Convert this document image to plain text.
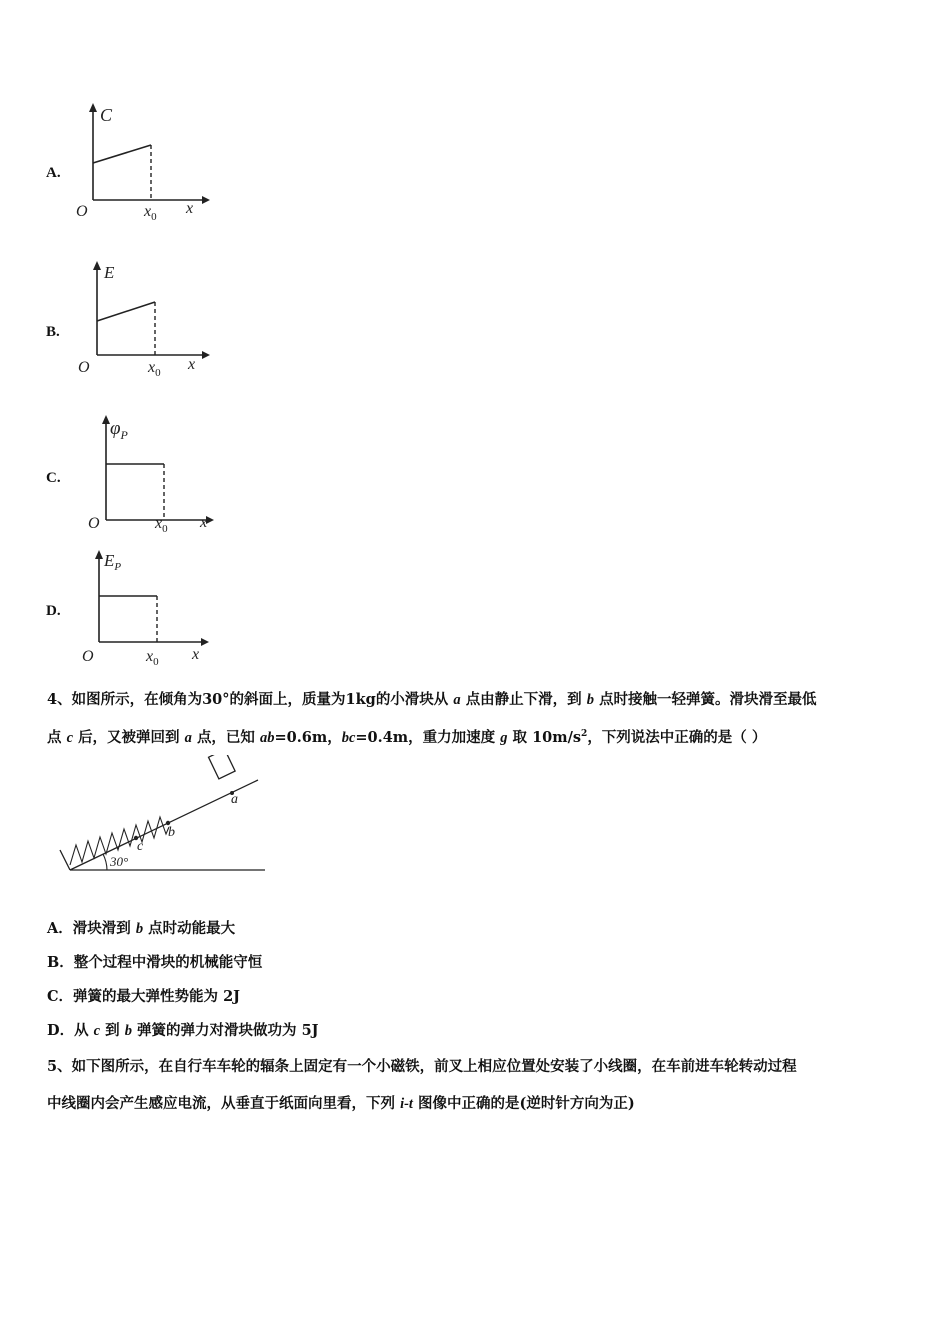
A.
C
O	$x_0$ x
B.
E
O	$x_0$ x
C.
$\varphi_P$
O	$x_0$ x
D.
$E_P$
O	$x_0$ x
4、如图所示，在倾角为30°的斜面上，质量为1kg的小滑块从 a 点由静止下滑，到 b 点时接触一轻弹簧。滑块滑至最低
点 c 后，又被弹回到 a 点，已知 ab=0.6m，bc=0.4m，重力加速度 g 取 $10m/s^2$，下列说法中正确的是（ ）
a
b
c
30°
A．滑块滑到 b 点时动能最大
B．整个过程中滑块的机械能守恒
C．弹簧的最大弹性势能为 2J
D．从 c 到 b 弹簧的弹力对滑块做功为 5J
5、如下图所示，在自行车车轮的辐条上固定有一个小磁铁，前叉上相应位置处安装了小线圈，在车前进车轮转动过程
中线圈内会产生感应电流，从垂直于纸面向里看，下列 i-t 图像中正确的是(逆时针方向为正)
